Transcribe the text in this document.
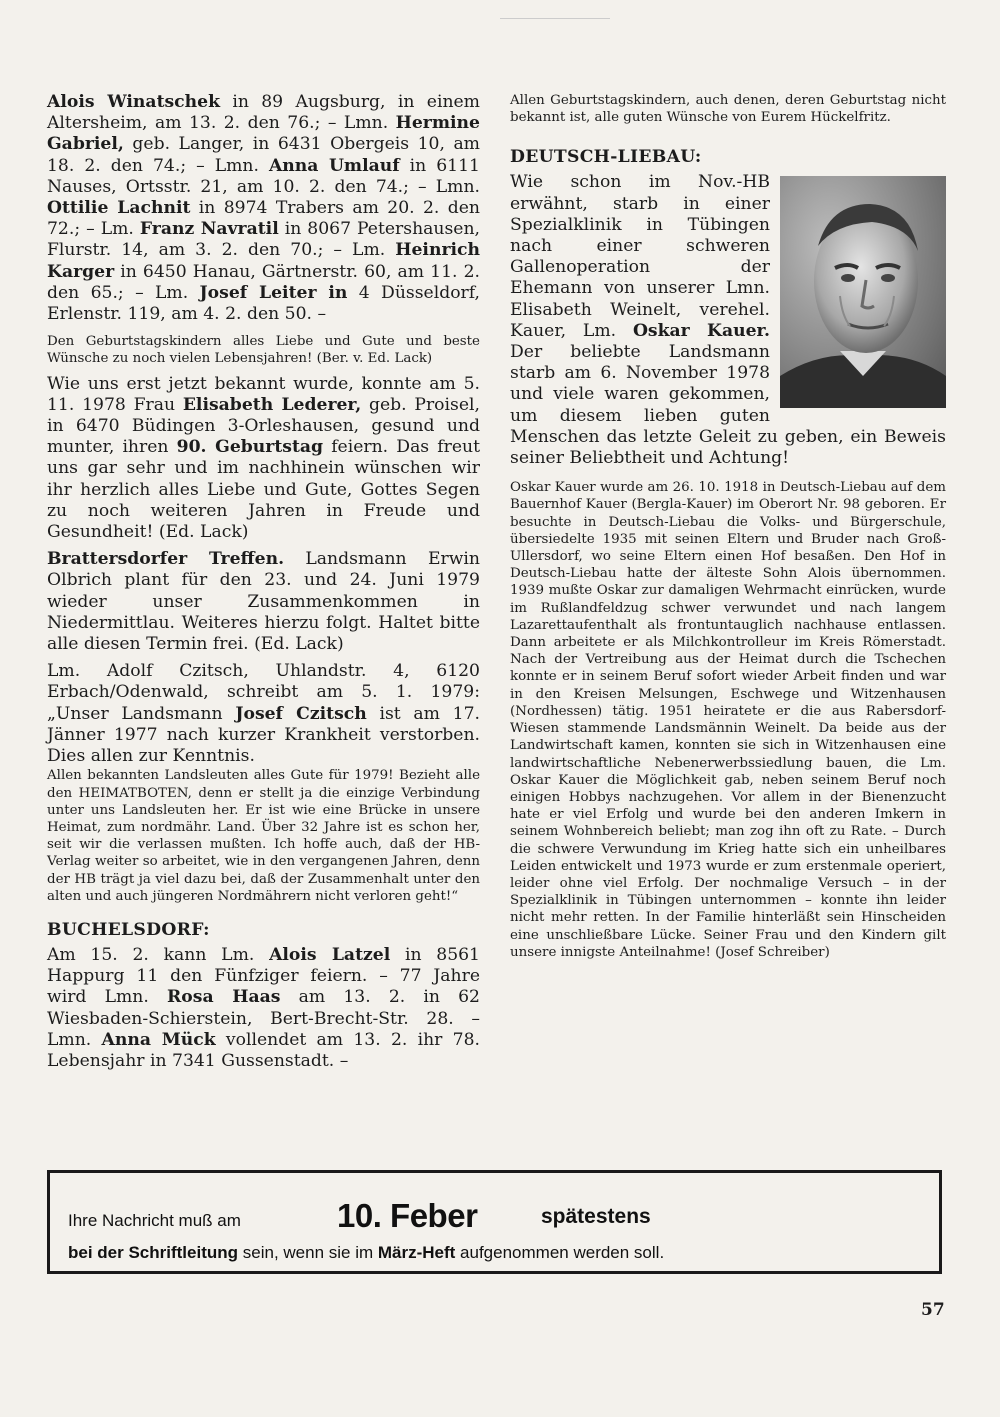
Alois Winatschek in 89 Augsburg, in einem Altersheim, am 13. 2. den 76.; – Lmn. Hermine Gabriel, geb. Langer, in 6431 Obergeis 10, am 18. 2. den 74.; – Lmn. Anna Umlauf in 6111 Nauses, Ortsstr. 21, am 10. 2. den 74.; – Lmn. Ottilie Lachnit in 8974 Trabers am 20. 2. den 72.; – Lm. Franz Navratil in 8067 Petershausen, Flurstr. 14, am 3. 2. den 70.; – Lm. Heinrich Karger in 6450 Hanau, Gärtnerstr. 60, am 11. 2. den 65.; – Lm. Josef Leiter in 4 Düsseldorf, Erlenstr. 119, am 4. 2. den 50. –

Den Geburtstagskindern alles Liebe und Gute und beste Wünsche zu noch vielen Lebensjahren! (Ber. v. Ed. Lack)

Wie uns erst jetzt bekannt wurde, konnte am 5. 11. 1978 Frau Elisabeth Lederer, geb. Proisel, in 6470 Büdingen 3-Orleshausen, gesund und munter, ihren 90. Geburtstag feiern. Das freut uns gar sehr und im nachhinein wünschen wir ihr herzlich alles Liebe und Gute, Gottes Segen zu noch weiteren Jahren in Freude und Gesundheit! (Ed. Lack)

Brattersdorfer Treffen. Landsmann Erwin Olbrich plant für den 23. und 24. Juni 1979 wieder unser Zusammenkommen in Niedermittlau. Weiteres hierzu folgt. Haltet bitte alle diesen Termin frei. (Ed. Lack)

Lm. Adolf Czitsch, Uhlandstr. 4, 6120 Erbach/Odenwald, schreibt am 5. 1. 1979: „Unser Landsmann Josef Czitsch ist am 17. Jänner 1977 nach kurzer Krankheit verstorben. Dies allen zur Kenntnis.

Allen bekannten Landsleuten alles Gute für 1979! Bezieht alle den HEIMATBOTEN, denn er stellt ja die einzige Verbindung unter uns Landsleuten her. Er ist wie eine Brücke in unsere Heimat, zum nordmähr. Land. Über 32 Jahre ist es schon her, seit wir die verlassen mußten. Ich hoffe auch, daß der HB-Verlag weiter so arbeitet, wie in den vergangenen Jahren, denn der HB trägt ja viel dazu bei, daß der Zusammenhalt unter den alten und auch jüngeren Nordmährern nicht verloren geht!“

BUCHELSDORF:

Am 15. 2. kann Lm. Alois Latzel in 8561 Happurg 11 den Fünfziger feiern. – 77 Jahre wird Lmn. Rosa Haas am 13. 2. in 62 Wiesbaden-Schierstein, Bert-Brecht-Str. 28. – Lmn. Anna Mück vollendet am 13. 2. ihr 78. Lebensjahr in 7341 Gussenstadt. –

Allen Geburtstagskindern, auch denen, deren Geburtstag nicht bekannt ist, alle guten Wünsche von Eurem Hückelfritz.

DEUTSCH-LIEBAU:

Wie schon im Nov.-HB erwähnt, starb in einer Spezialklinik in Tübingen nach einer schweren Gallenoperation der Ehemann von unserer Lmn. Elisabeth Weinelt, verehel. Kauer, Lm. Oskar Kauer. Der beliebte Landsmann starb am 6. November 1978 und viele waren gekommen, um diesem lieben guten Menschen das letzte Geleit zu geben, ein Beweis seiner Beliebtheit und Achtung!

Oskar Kauer wurde am 26. 10. 1918 in Deutsch-Liebau auf dem Bauernhof Kauer (Bergla-Kauer) im Oberort Nr. 98 geboren. Er besuchte in Deutsch-Liebau die Volks- und Bürgerschule, übersiedelte 1935 mit seinen Eltern und Bruder nach Groß-Ullersdorf, wo seine Eltern einen Hof besaßen. Den Hof in Deutsch-Liebau hatte der älteste Sohn Alois übernommen. 1939 mußte Oskar zur damaligen Wehrmacht einrücken, wurde im Rußlandfeldzug schwer verwundet und nach langem Lazarettaufenthalt als frontuntauglich nachhause entlassen. Dann arbeitete er als Milchkontrolleur im Kreis Römerstadt. Nach der Vertreibung aus der Heimat durch die Tschechen konnte er in seinem Beruf sofort wieder Arbeit finden und war in den Kreisen Melsungen, Eschwege und Witzenhausen (Nordhessen) tätig. 1951 heiratete er die aus Rabersdorf-Wiesen stammende Landsmännin Weinelt. Da beide aus der Landwirtschaft kamen, konnten sie sich in Witzenhausen eine landwirtschaftliche Nebenerwerbssiedlung bauen, die Lm. Oskar Kauer die Möglichkeit gab, neben seinem Beruf noch einigen Hobbys nachzugehen. Vor allem in der Bienenzucht hate er viel Erfolg und wurde bei den anderen Imkern in seinem Wohnbereich beliebt; man zog ihn oft zu Rate. – Durch die schwere Verwundung im Krieg hatte sich ein unheilbares Leiden entwickelt und 1973 wurde er zum erstenmale operiert, leider ohne viel Erfolg. Der nochmalige Versuch – in der Spezialklinik in Tübingen unternommen – konnte ihn leider nicht mehr retten. In der Familie hinterläßt sein Hinscheiden eine unschließbare Lücke. Seiner Frau und den Kindern gilt unsere innigste Anteilnahme! (Josef Schreiber)

Ihre Nachricht muß am	10. Feber	spätestens
bei der Schriftleitung sein, wenn sie im März-Heft aufgenommen werden soll.
57
